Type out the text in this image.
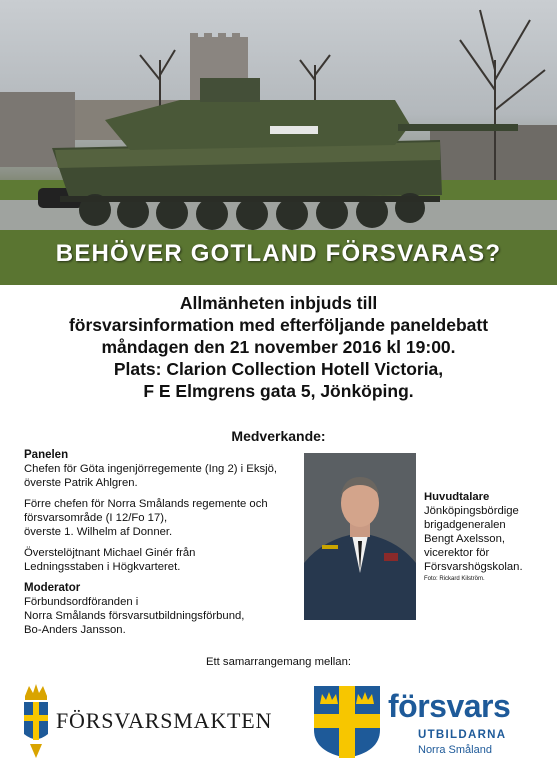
BEHÖVER GOTLAND FÖRSVARAS?
Allmänheten inbjuds till
försvarsinformation med efterföljande paneldebatt
måndagen den 21 november 2016 kl 19:00.
Plats: Clarion Collection Hotell Victoria,
F E Elmgrens gata 5, Jönköping.
Medverkande:
Panelen

Chefen för Göta ingenjörregemente (Ing 2) i Eksjö,
överste Patrik Ahlgren.

Förre chefen för Norra Smålands regemente och
försvarsområde (I 12/Fo 17),
överste 1. Wilhelm af Donner.

Överstelöjtnant Michael Ginér från
Ledningsstaben i Högkvarteret.

Moderator
Förbundsordföranden i
Norra Smålands försvarsutbildningsförbund,
Bo-Anders Jansson.
Huvudtalare
Jönköpingsbördige
brigadgeneralen
Bengt Axelsson,
vicerektor för
Försvarshögskolan.
Foto: Rickard Kilström.
Ett samarrangemang mellan:
FÖRSVARSMAKTEN	försvars
UTBILDARNA
Norra Småland
